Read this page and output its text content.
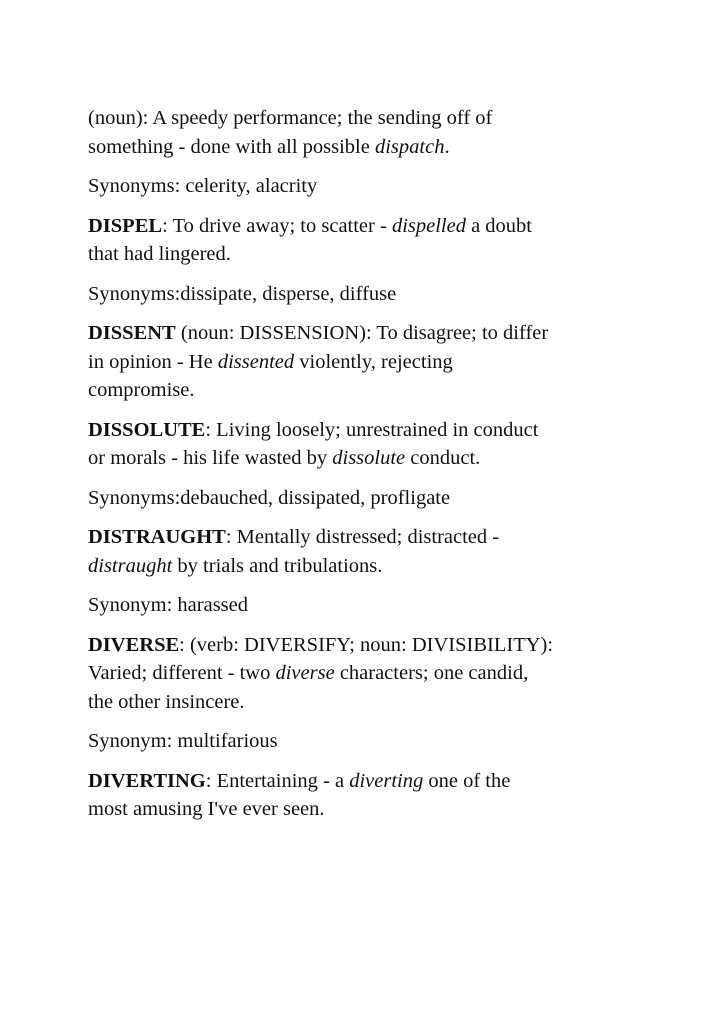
(noun): A speedy performance; the sending off of
something - done with all possible dispatch.

Synonyms: celerity, alacrity

DISPEL: To drive away; to scatter - dispelled a doubt
that had lingered.

Synonyms:dissipate, disperse, diffuse

DISSENT (noun: DISSENSION): To disagree; to differ
in opinion - He dissented violently, rejecting
compromise.

DISSOLUTE: Living loosely; unrestrained in conduct
or morals - his life wasted by dissolute conduct.

Synonyms:debauched, dissipated, profligate

DISTRAUGHT: Mentally distressed; distracted -
distraught by trials and tribulations.

Synonym: harassed

DIVERSE: (verb: DIVERSIFY; noun: DIVISIBILITY):
Varied; different - two diverse characters; one candid,
the other insincere.

Synonym: multifarious

DIVERTING: Entertaining - a diverting one of the
most amusing I've ever seen.
